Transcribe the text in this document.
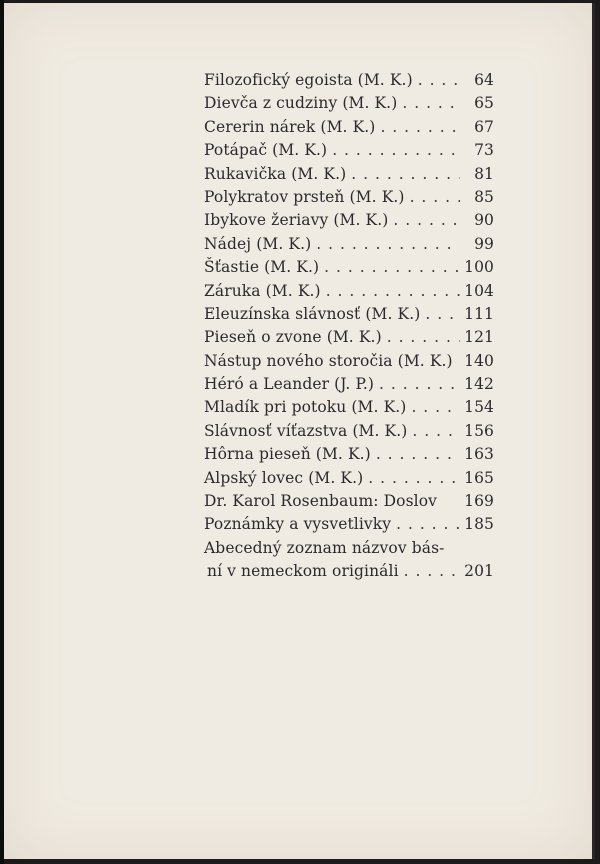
Filozofický egoista (M. K.) . . .	64
Dievča z cudziny (M. K.) . . .	65
Cererin nárek (M. K.) . . .	67
Potápač (M. K.) . . .	73
Rukavička (M. K.) . . .	81
Polykratov prsteň (M. K.) . . .	85
Ibykove žeriavy (M. K.) . . .	90
Nádej (M. K.) . . .	99
Šťastie (M. K.) . . .	100
Záruka (M. K.) . . .	104
Eleuzínska slávnosť (M. K.) . . .	111
Pieseň o zvone (M. K.) . . .	121
Nástup nového storočia (M. K.) 140
Héró a Leander (J. P.) . . .	142
Mladík pri potoku (M. K.) . . .	154
Slávnosť víťazstva (M. K.) . . .	156
Hôrna pieseň (M. K.) . . .	163
Alpský lovec (M. K.) . . .	165
Dr. Karol Rosenbaum: Doslov 169
Poznámky a vysvetlivky . . .	185
Abecedný zoznam názvov bás-
ní v nemeckom origináli . . .	201
